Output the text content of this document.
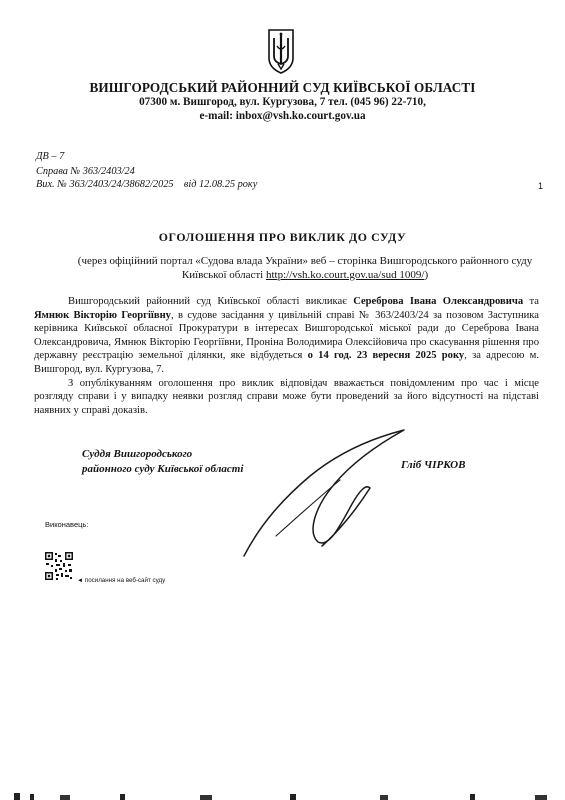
ВИШГОРОДСЬКИЙ РАЙОННИЙ СУД КИЇВСЬКОЇ ОБЛАСТІ
07300 м. Вишгород, вул. Кургузова, 7 тел. (045 96) 22-710,
e-mail: inbox@vsh.ko.court.gov.ua
ДВ – 7
Справа № 363/2403/24
Вих. № 363/2403/24/38682/2025 від 12.08.25 року	1
ОГОЛОШЕННЯ ПРО ВИКЛИК ДО СУДУ
(через офіційний портал «Судова влада України» веб – сторінка Вишгородського районного суду Київської області http://vsh.ko.court.gov.ua/sud 1009/)

Вишгородський районний суд Київської області викликає Сереброва Івана Олександровича та Ямнюк Вікторію Георгіївну, в судове засідання у цивільній справі № 363/2403/24 за позовом Заступника керівника Київської обласної Прокуратури в інтересах Вишгородської міської ради до Сереброва Івана Олександровича, Ямнюк Вікторію Георгіївни, Проніна Володимира Олексійовича про скасування рішення про державну реєстрацію земельної ділянки, яке відбудеться о 14 год. 23 вересня 2025 року, за адресою м. Вишгород, вул. Кургузова, 7.

З опублікуванням оголошення про виклик відповідач вважається повідомленим про час і місце розгляду справи і у випадку неявки розгляд справи може бути проведений за його відсутності на підставі наявних у справі доказів.

Суддя Вишгородського
районного суду Київської області	Гліб ЧІРКОВ
Виконавець:
◄ посилання на веб-сайт суду
